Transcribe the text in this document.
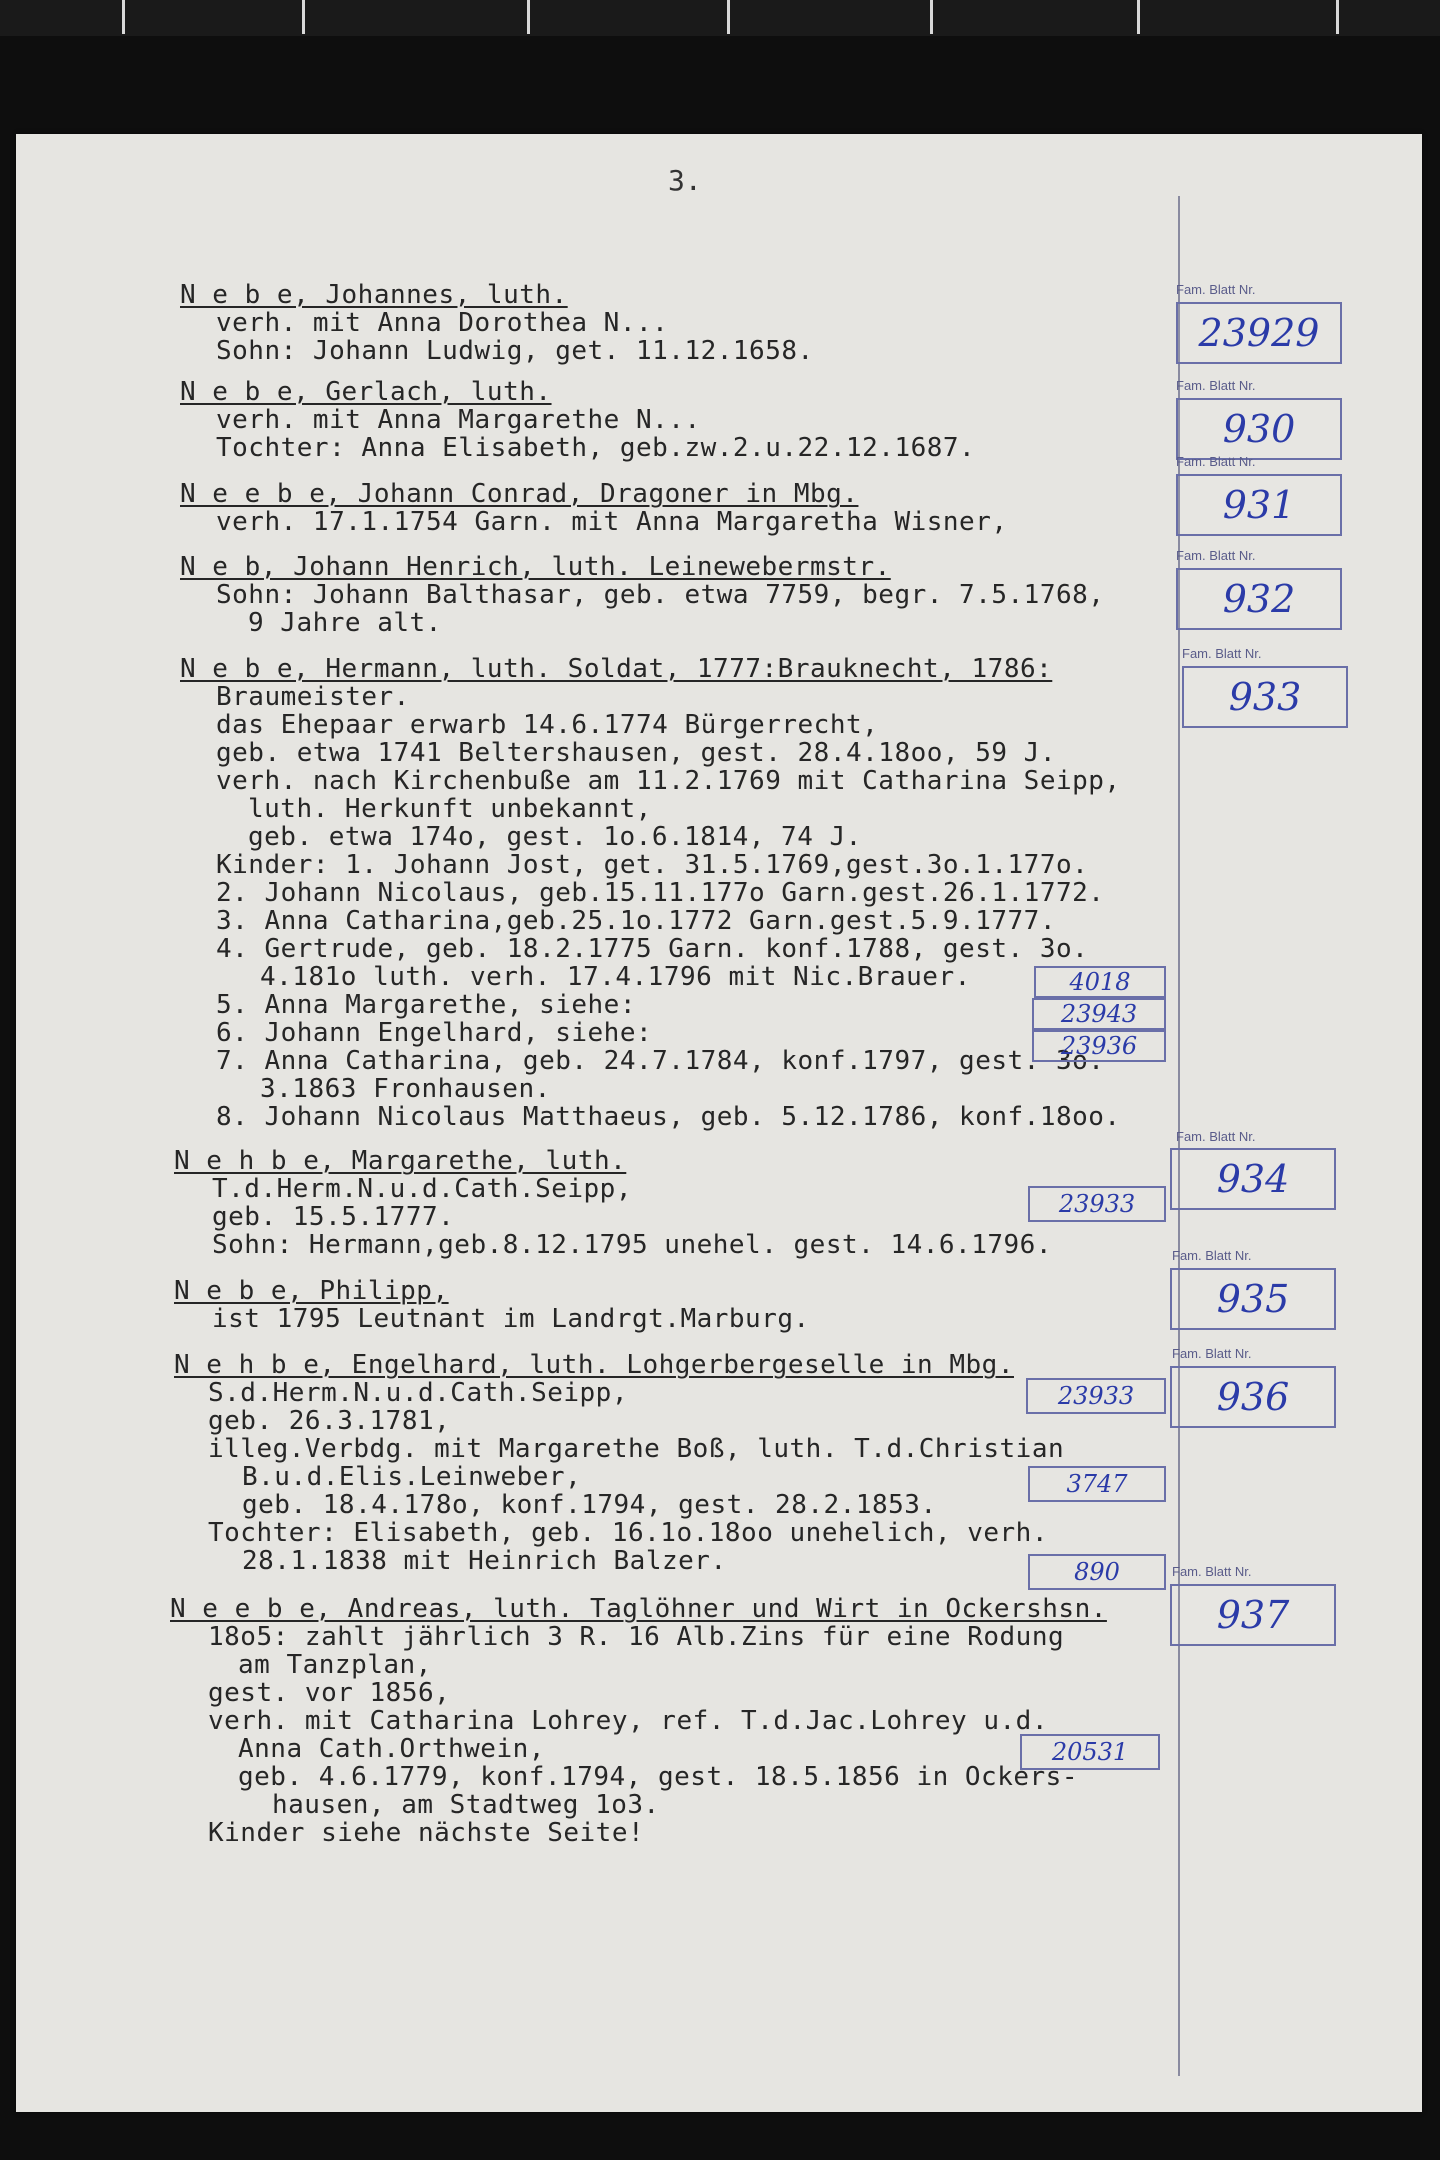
3.
N e b e, Johannes, luth.
verh. mit Anna Dorothea N...
Sohn: Johann Ludwig, get. 11.12.1658.
N e b e, Gerlach, luth.
verh. mit Anna Margarethe N...
Tochter: Anna Elisabeth, geb.zw.2.u.22.12.1687.
N e e b e, Johann Conrad, Dragoner in Mbg.
verh. 17.1.1754 Garn. mit Anna Margaretha Wisner,
N e b, Johann Henrich, luth. Leinewebermstr.
Sohn: Johann Balthasar, geb. etwa 7759, begr. 7.5.1768,
9 Jahre alt.
N e b e, Hermann, luth. Soldat, 1777:Brauknecht, 1786:
Braumeister.
das Ehepaar erwarb 14.6.1774 Bürgerrecht,
geb. etwa 1741 Beltershausen, gest. 28.4.18oo, 59 J.
verh. nach Kirchenbuße am 11.2.1769 mit Catharina Seipp,
luth. Herkunft unbekannt,
geb. etwa 174o, gest. 1o.6.1814, 74 J.
Kinder: 1. Johann Jost, get. 31.5.1769,gest.3o.1.177o.
2. Johann Nicolaus, geb.15.11.177o Garn.gest.26.1.1772.
3. Anna Catharina,geb.25.1o.1772 Garn.gest.5.9.1777.
4. Gertrude, geb. 18.2.1775 Garn. konf.1788, gest. 3o.
4.181o luth. verh. 17.4.1796 mit Nic.Brauer.
5. Anna Margarethe, siehe:
6. Johann Engelhard, siehe:
7. Anna Catharina, geb. 24.7.1784, konf.1797, gest. 3o.
3.1863 Fronhausen.
8. Johann Nicolaus Matthaeus, geb. 5.12.1786, konf.18oo.
N e h b e, Margarethe, luth.
T.d.Herm.N.u.d.Cath.Seipp,
geb. 15.5.1777.
Sohn: Hermann,geb.8.12.1795 unehel. gest. 14.6.1796.
N e b e, Philipp,
ist 1795 Leutnant im Landrgt.Marburg.
N e h b e, Engelhard, luth. Lohgerbergeselle in Mbg.
S.d.Herm.N.u.d.Cath.Seipp,
geb. 26.3.1781,
illeg.Verbdg. mit Margarethe Boß, luth. T.d.Christian
B.u.d.Elis.Leinweber,
geb. 18.4.178o, konf.1794, gest. 28.2.1853.
Tochter: Elisabeth, geb. 16.1o.18oo unehelich, verh.
28.1.1838 mit Heinrich Balzer.
N e e b e, Andreas, luth. Taglöhner und Wirt in Ockershsn.
18o5: zahlt jährlich 3 R. 16 Alb.Zins für eine Rodung
am Tanzplan,
gest. vor 1856,
verh. mit Catharina Lohrey, ref. T.d.Jac.Lohrey u.d.
Anna Cath.Orthwein,
geb. 4.6.1779, konf.1794, gest. 18.5.1856 in Ockers-
hausen, am Stadtweg 1o3.
Kinder siehe nächste Seite!
Fam. Blatt Nr.
23929
Fam. Blatt Nr.
930
Fam. Blatt Nr.
931
Fam. Blatt Nr.
932
Fam. Blatt Nr.
933
Fam. Blatt Nr.
934
Fam. Blatt Nr.
935
Fam. Blatt Nr.
936
Fam. Blatt Nr.
937
4018
23943
23936
23933
23933
3747
890
20531
